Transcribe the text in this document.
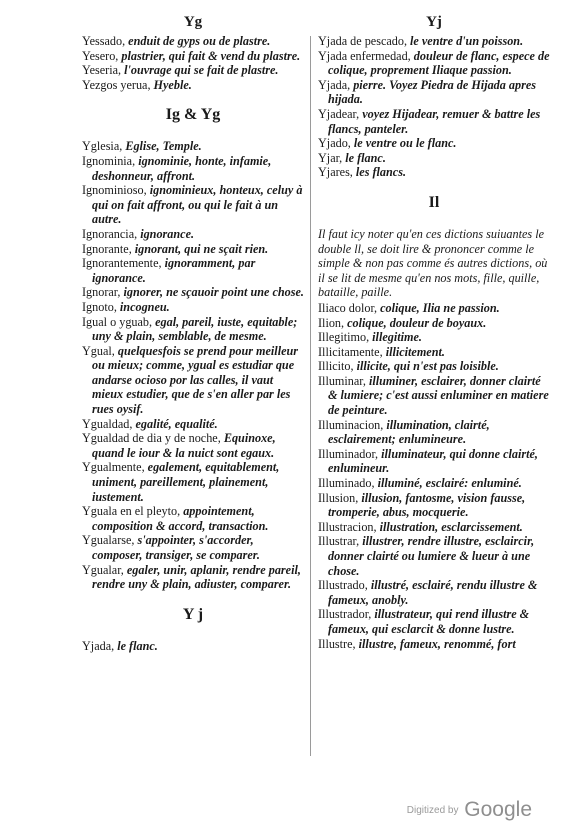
Yg

Yessado, enduit de gyps ou de plastre.

Yesero, plastrier, qui fait & vend du plastre.

Yeseria, l'ouvrage qui se fait de plastre.

Yezgos yerua, Hyeble.

Ig & Yg

Yglesia, Eglise, Temple.

Ignominia, ignominie, honte, infamie, deshonneur, affront.

Ignominioso, ignominieux, honteux, celuy à qui on fait affront, ou qui le fait à un autre.

Ignorancia, ignorance.

Ignorante, ignorant, qui ne sçait rien.

Ignorantemente, ignoramment, par ignorance.

Ignorar, ignorer, ne sçauoir point une chose.

Ignoto, incogneu.

Igual o yguab, egal, pareil, iuste, equitable; uny & plain, semblable, de mesme.

Ygual, quelquesfois se prend pour meilleur ou mieux; comme, ygual es estudiar que andarse ocioso por las calles, il vaut mieux estudier, que de s'en aller par les rues oysif.

Ygualdad, egalité, equalité.

Ygualdad de dia y de noche, Equinoxe, quand le iour & la nuict sont egaux.

Ygualmente, egalement, equitablement, uniment, pareillement, plainement, iustement.

Yguala en el pleyto, appointement, composition & accord, transaction.

Ygualarse, s'appointer, s'accorder, composer, transiger, se comparer.

Ygualar, egaler, unir, aplanir, rendre pareil, rendre uny & plain, adiuster, comparer.

Y j

Yjada, le flanc.

Yj

Yjada de pescado, le ventre d'un poisson.

Yjada enfermedad, douleur de flanc, espece de colique, proprement Iliaque passion.

Yjada, pierre. Voyez Piedra de Hijada apres hijada.

Yjadear, voyez Hijadear, remuer & battre les flancs, panteler.

Yjado, le ventre ou le flanc.

Yjar, le flanc.

Yjares, les flancs.

Il

Il faut icy noter qu'en ces dictions suiuantes le double ll, se doit lire & prononcer comme le simple & non pas comme és autres dictions, où il se lit de mesme qu'en nos mots, fille, quille, bataille, paille.

Iliaco dolor, colique, Ilia ne passion.

Ilion, colique, douleur de boyaux.

Illegitimo, illegitime.

Illicitamente, illicitement.

Illicito, illicite, qui n'est pas loisible.

Illuminar, illuminer, esclairer, donner clairté & lumiere; c'est aussi enluminer en matiere de peinture.

Illuminacion, illumination, clairté, esclairement; enlumineure.

Illuminador, illuminateur, qui donne clairté, enlumineur.

Illuminado, illuminé, esclairé: enluminé.

Illusion, illusion, fantosme, vision fausse, tromperie, abus, mocquerie.

Illustracion, illustration, esclarcissement.

Illustrar, illustrer, rendre illustre, esclaircir, donner clairté ou lumiere & lueur à une chose.

Illustrado, illustré, esclairé, rendu illustre & fameux, anobly.

Illustrador, illustrateur, qui rend illustre & fameux, qui esclarcit & donne lustre.

Illustre, illustre, fameux, renommé, fort

Digitized by Google
